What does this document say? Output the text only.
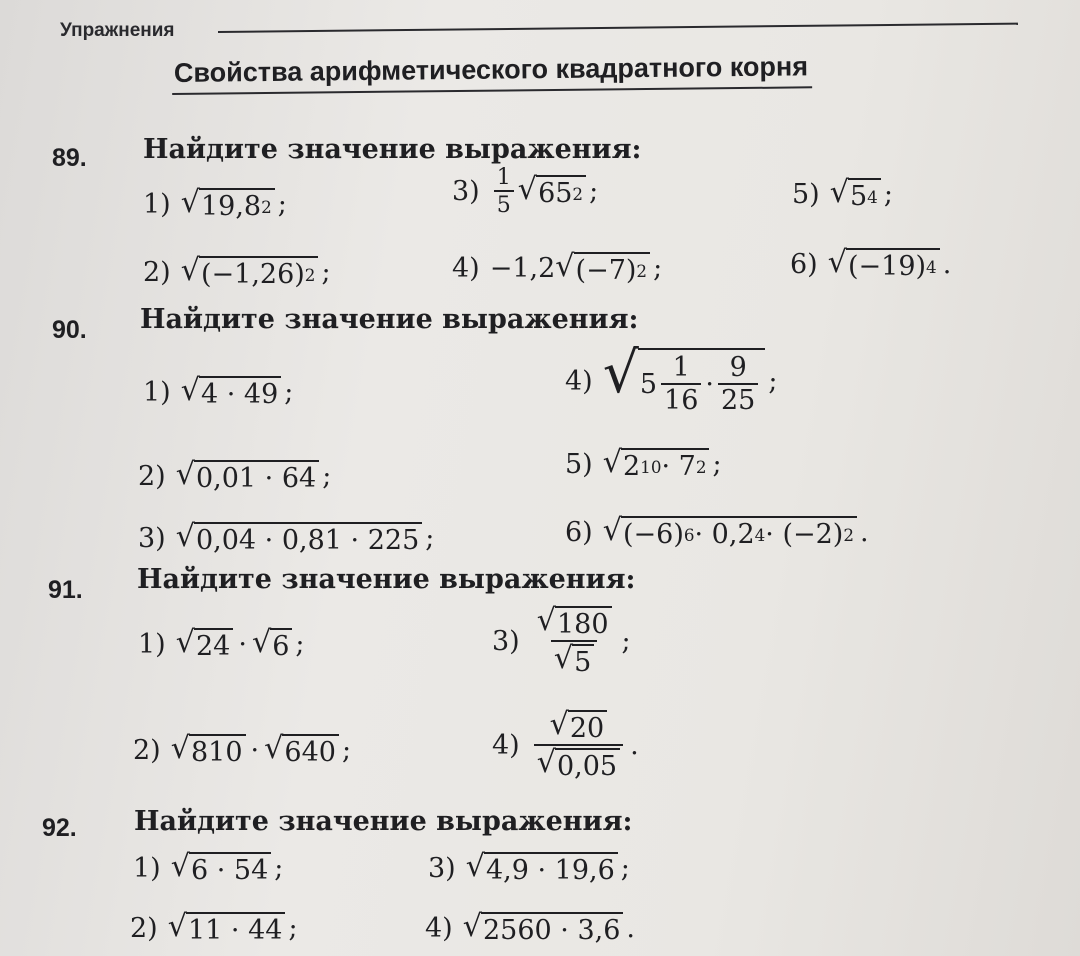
Упражнения
Свойства арифметического квадратного корня
89. Найдите значение выражения:
1) √ 19,8 2 ;	$3) \frac{1}{5}$ √ 65 2 ;	5) √ 5 4 ;
2) √ (−1,26) 2 ;	4) −1,2 √ (−7) 2 ;	6) √ (−19) 4 .
90. Найдите значение выражения:
1) √ 4 · 49 ;	4) √ $5 \frac{1}{16} \cdot \frac{9}{25}$ ;
2) √ 0,01 · 64 ;	5) √ 2 10 · 7 2 ;
3) √ 0,04 · 0,81 · 225 ;	6) √ (−6) 6 · 0,2 4 · (−2) 2 .
91. Найдите значение выражения:
1) √ 24 · √ 6 ;	$3) \frac{√ 180}{√ 5}$ ;
2) √ 810 · √ 640 ;	$4) \frac{√ 20}{√ 0,05}$ .
92. Найдите значение выражения:
1) √ 6 · 54 ;	3) √ 4,9 · 19,6 ;
2) √ 11 · 44 ;	4) √ 2560 · 3,6 .
